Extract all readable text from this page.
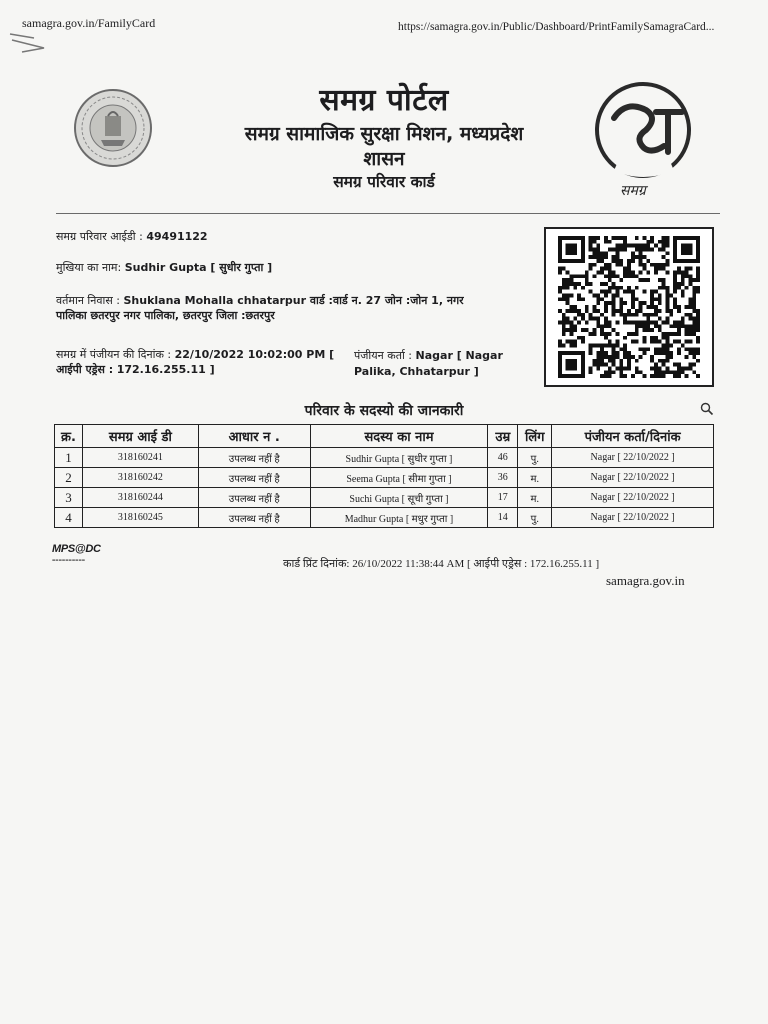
samagra.gov.in/FamilyCard	https://samagra.gov.in/Public/Dashboard/PrintFamilySamagraCard...
समग्र पोर्टल
समग्र सामाजिक सुरक्षा मिशन, मध्यप्रदेश
शासन
समग्र परिवार कार्ड	समग्र
समग्र परिवार आईडी : 49491122
मुखिया का नाम: Sudhir Gupta [ सुधीर गुप्ता ]
वर्तमान निवास : Shuklana Mohalla chhatarpur वार्ड :वार्ड न. 27 जोन :जोन 1, नगर
पालिका छतरपुर नगर पालिका, छतरपुर जिला :छतरपुर
समग्र में पंजीयन की दिनांक : 22/10/2022 10:02:00 PM [
आईपी एड्रेस : 172.16.255.11 ]
पंजीयन कर्ता : Nagar [ Nagar
Palika, Chhatarpur ]
परिवार के सदस्यो की जानकारी
क्र.	समग्र आई डी	आधार न .	सदस्य का नाम	उम्र	लिंग	पंजीयन कर्ता/दिनांक
1	318160241	उपलब्ध नहीं है	Sudhir Gupta [ सुधीर गुप्ता ]	46	पु.	Nagar [ 22/10/2022 ]
2	318160242	उपलब्ध नहीं है	Seema Gupta [ सीमा गुप्ता ]	36	म.	Nagar [ 22/10/2022 ]
3	318160244	उपलब्ध नहीं है	Suchi Gupta [ सूची गुप्ता ]	17	म.	Nagar [ 22/10/2022 ]
4	318160245	उपलब्ध नहीं है	Madhur Gupta [ मधुर गुप्ता ]	14	पु.	Nagar [ 22/10/2022 ]
MPS@DC
▬▬▬▬▬▬▬▬▬▬	कार्ड प्रिंट दिनांक: 26/10/2022 11:38:44 AM [ आईपी एड्रेस : 172.16.255.11 ]
samagra.gov.in
